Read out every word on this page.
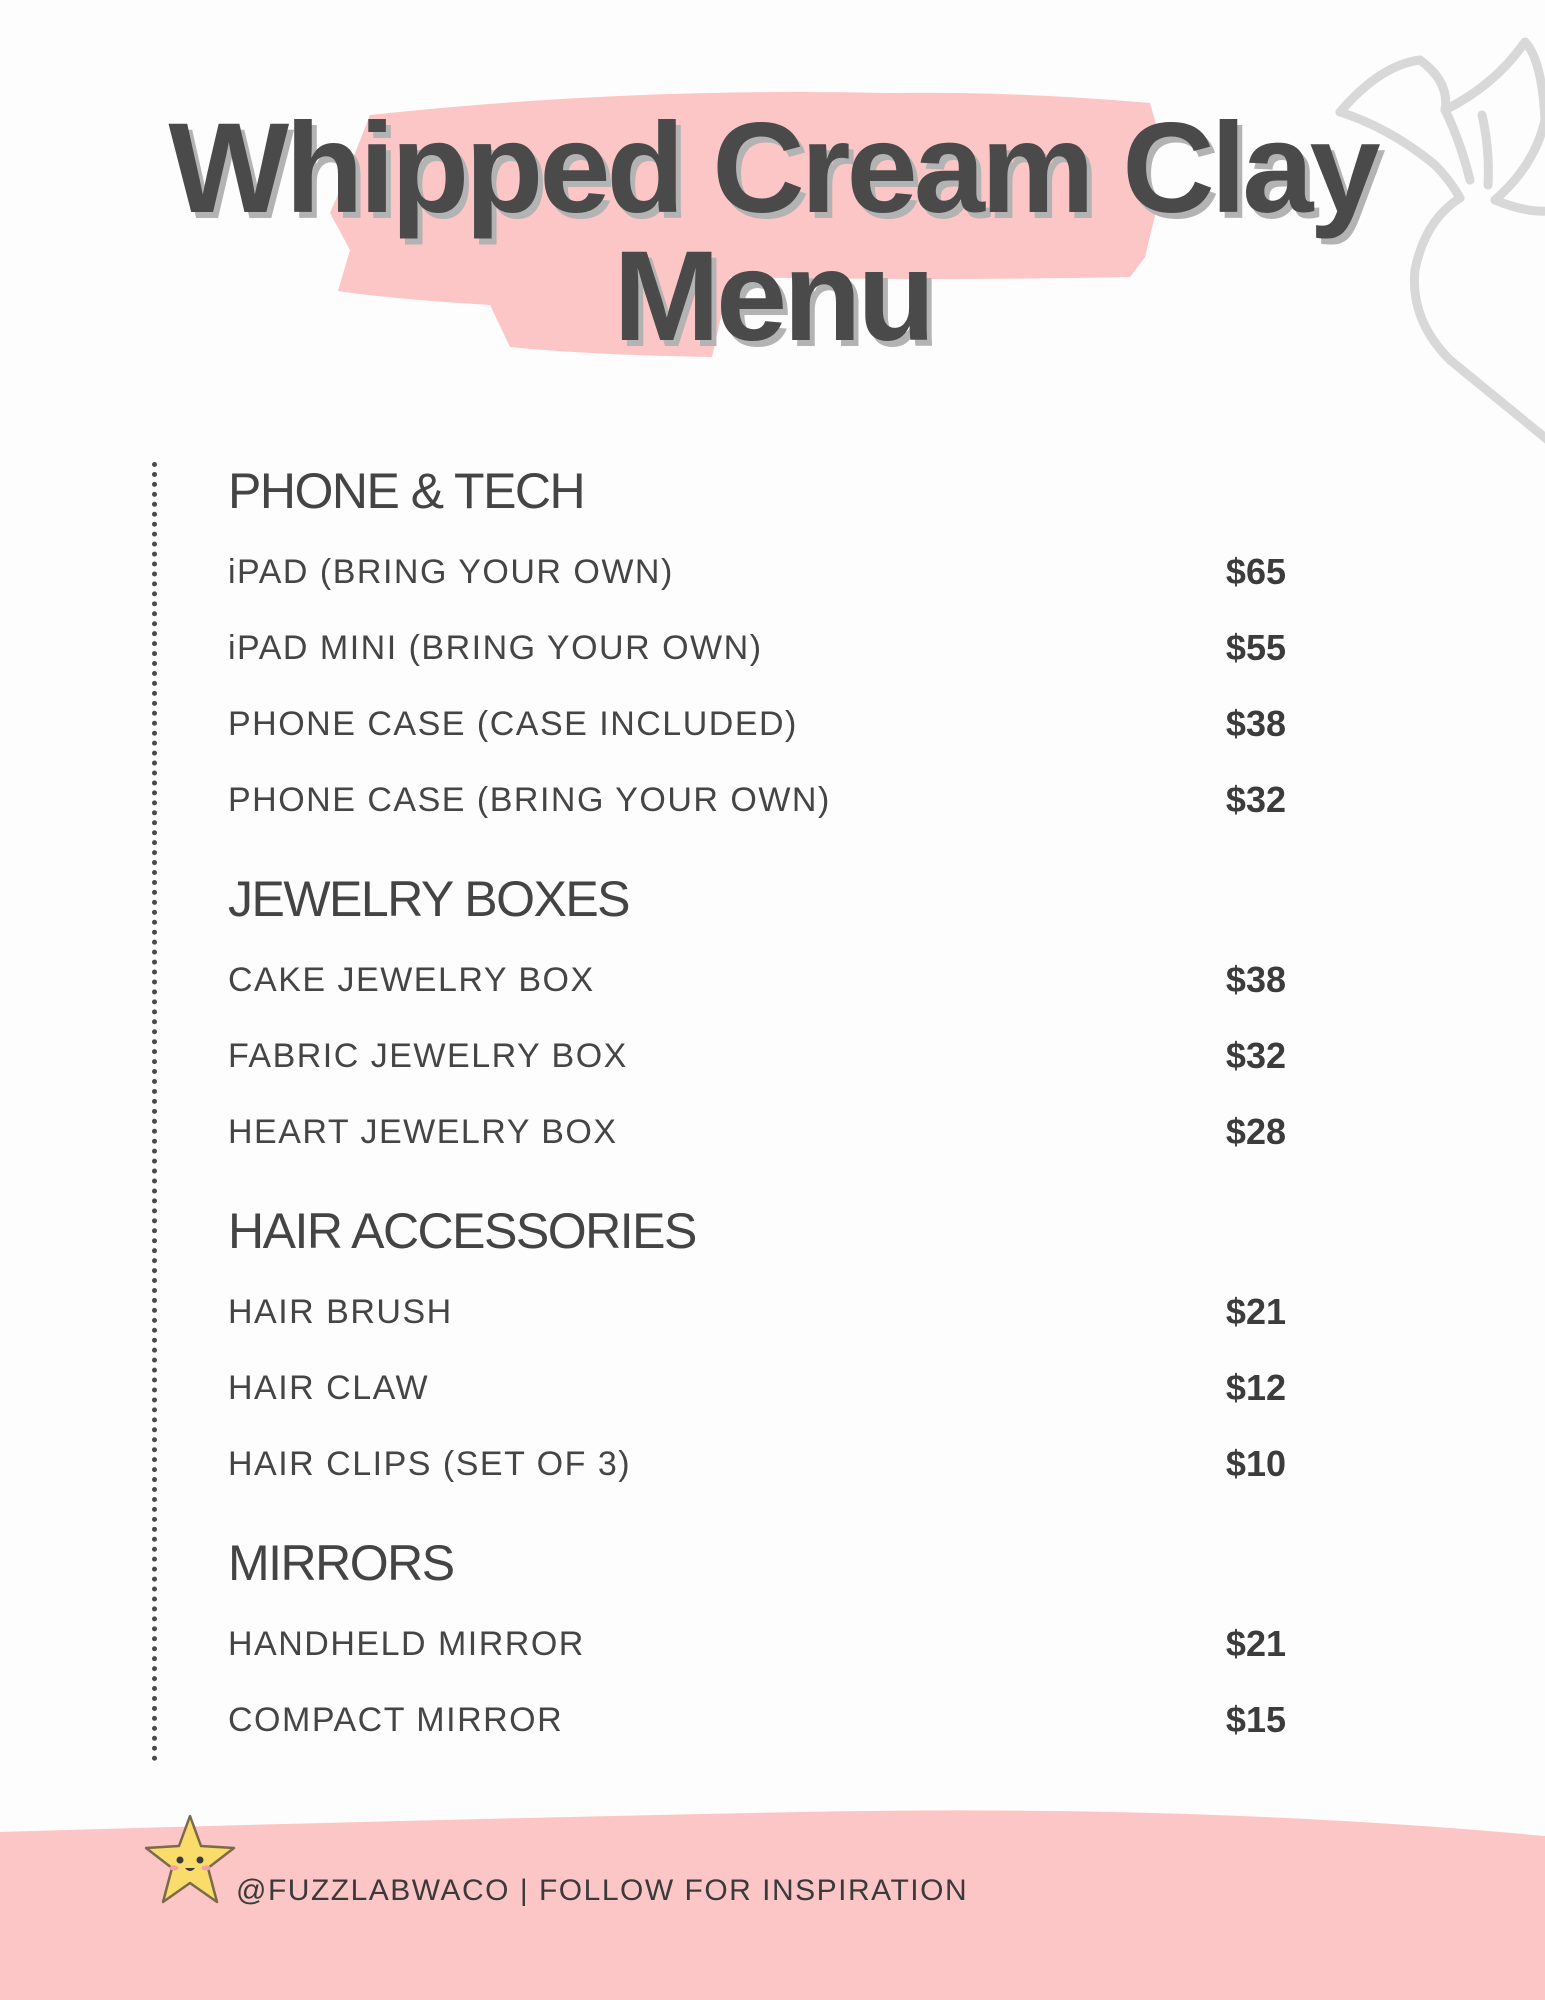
Whipped Cream Clay
Menu
PHONE & TECH
iPAD (BRING YOUR OWN)	$65
iPAD MINI (BRING YOUR OWN)	$55
PHONE CASE (CASE INCLUDED)	$38
PHONE CASE (BRING YOUR OWN)	$32
JEWELRY BOXES
CAKE JEWELRY BOX	$38
FABRIC JEWELRY BOX	$32
HEART JEWELRY BOX	$28
HAIR ACCESSORIES
HAIR BRUSH	$21
HAIR CLAW	$12
HAIR CLIPS (SET OF 3)	$10
MIRRORS
HANDHELD MIRROR	$21
COMPACT MIRROR	$15
@FUZZLABWACO | FOLLOW FOR INSPIRATION
